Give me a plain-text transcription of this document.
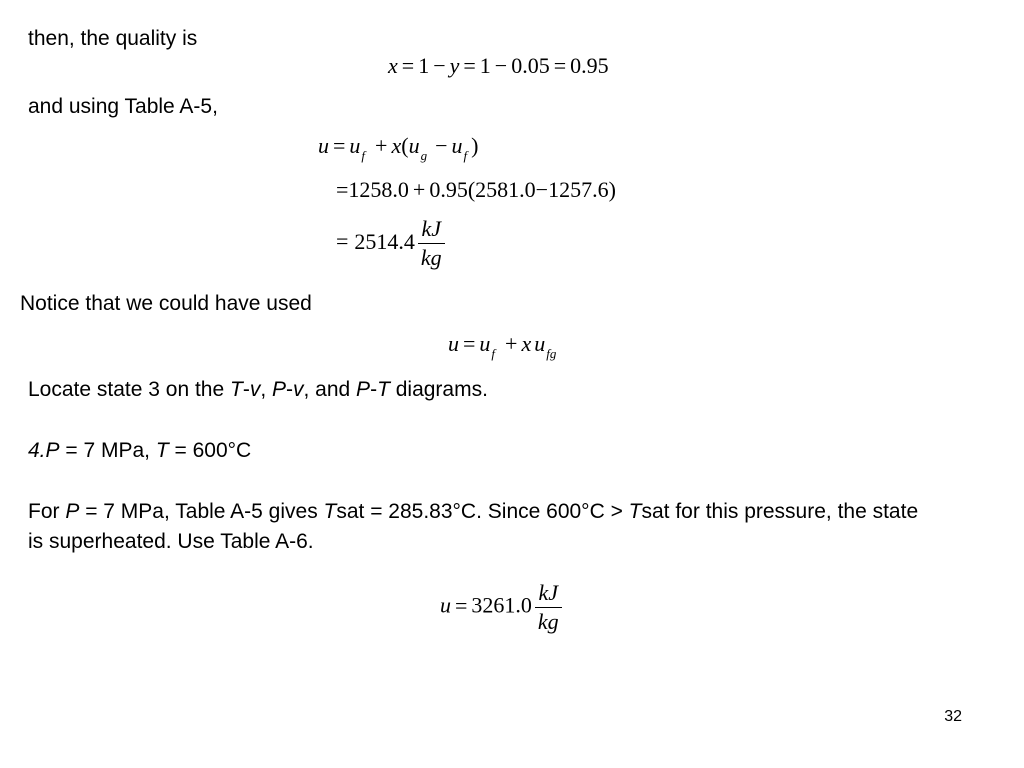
then, the quality is
x = 1 − y = 1 − 0.05 = 0.95
and using Table A-5,
$u = u_f + x(u_g - u_f$ )
=1258.0 + 0.95(2581.0−1257.6)
= $2514.4 \frac{kJ}{kg}$
Notice that we could have used
$u = u_f + x$ $u_{fg}$
Locate state 3 on the T-v, P-v, and P-T diagrams.
4.P = 7 MPa, T = 600°C
For P = 7 MPa, Table A-5 gives Tsat = 285.83°C. Since 600°C > Tsat for this pressure, the state is superheated. Use Table A-6.
$u = 3261.0 \frac{kJ}{kg}$
32
